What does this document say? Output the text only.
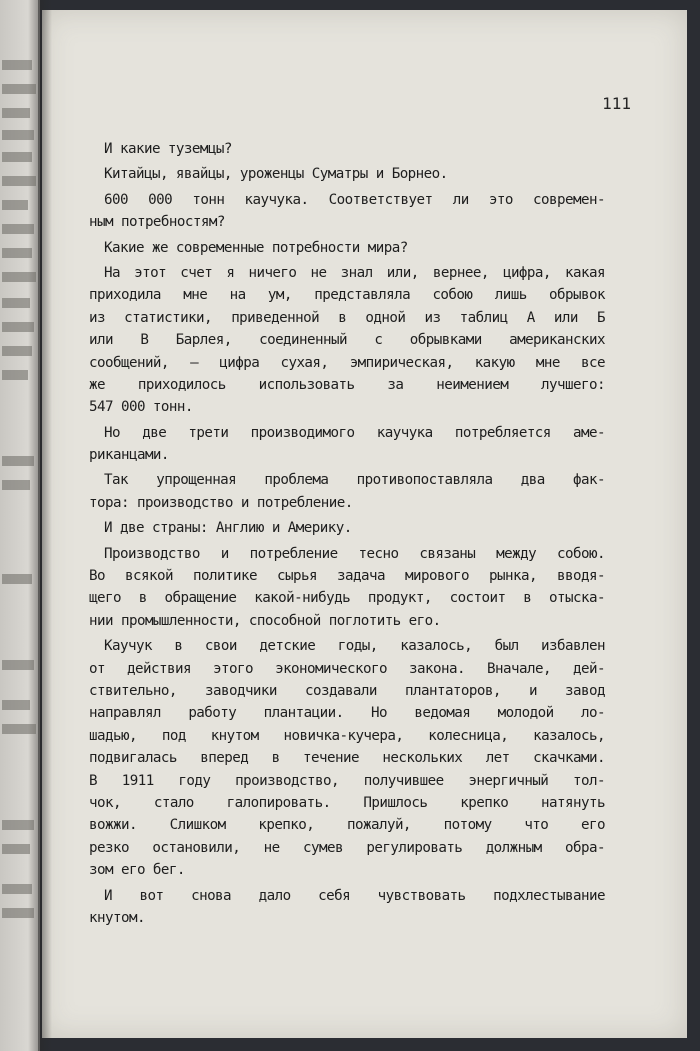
111
И какие туземцы?
Китайцы, явайцы, уроженцы Суматры и Борнео.
600 000 тонн каучука. Соответствует ли это современ-
ным потребностям?
Какие же современные потребности мира?
На этот счет я ничего не знал или, вернее, цифра, какая
приходила мне на ум, представляла собою лишь обрывок
из статистики, приведенной в одной из таблиц А или Б
или В Барлея, соединенный с обрывками американских
сообщений, — цифра сухая, эмпирическая, какую мне все
же приходилось использовать за неимением лучшего:
547 000 тонн.
Но две трети производимого каучука потребляется аме-
риканцами.
Так упрощенная проблема противопоставляла два фак-
тора: производство и потребление.
И две страны: Англию и Америку.
Производство и потребление тесно связаны между собою.
Во всякой политике сырья задача мирового рынка, вводя-
щего в обращение какой-нибудь продукт, состоит в отыска-
нии промышленности, способной поглотить его.
Каучук в свои детские годы, казалось, был избавлен
от действия этого экономического закона. Вначале, дей-
ствительно, заводчики создавали плантаторов, и завод
направлял работу плантации. Но ведомая молодой ло-
шадью, под кнутом новичка-кучера, колесница, казалось,
подвигалась вперед в течение нескольких лет скачками.
В 1911 году производство, получившее энергичный тол-
чок, стало галопировать. Пришлось крепко натянуть
вожжи. Слишком крепко, пожалуй, потому что его
резко остановили, не сумев регулировать должным обра-
зом его бег.
И вот снова дало себя чувствовать подхлестывание
кнутом.
